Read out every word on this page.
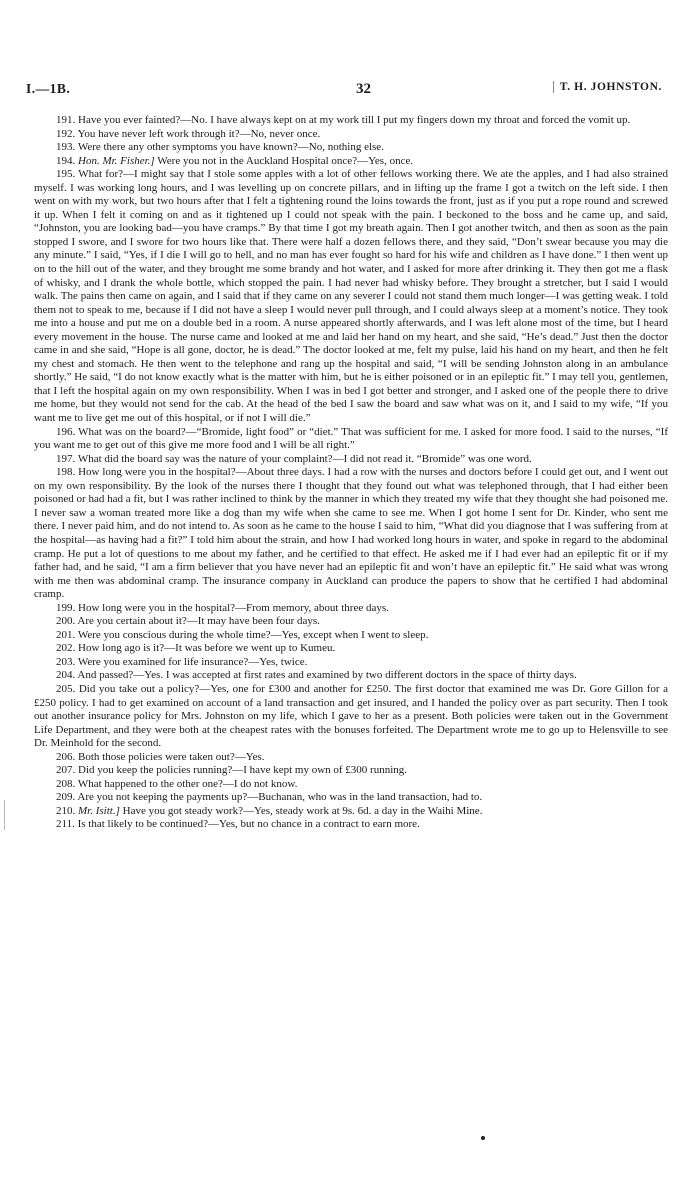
I.—1B.	32	T. H. JOHNSTON.

191. Have you ever fainted?—No. I have always kept on at my work till I put my fingers down my throat and forced the vomit up.

192. You have never left work through it?—No, never once.

193. Were there any other symptoms you have known?—No, nothing else.

194. Hon. Mr. Fisher.] Were you not in the Auckland Hospital once?—Yes, once.

195. What for?—I might say that I stole some apples with a lot of other fellows working there. We ate the apples, and I had also strained myself. I was working long hours, and I was levelling up on concrete pillars, and in lifting up the frame I got a twitch on the left side. I then went on with my work, but two hours after that I felt a tightening round the loins towards the front, just as if you put a rope round and screwed it up. When I felt it coming on and as it tightened up I could not speak with the pain. I beckoned to the boss and he came up, and said, “Johnston, you are looking bad—you have cramps.” By that time I got my breath again. Then I got another twitch, and then as soon as the pain stopped I swore, and I swore for two hours like that. There were half a dozen fellows there, and they said, “Don’t swear because you may die any minute.” I said, “Yes, if I die I will go to hell, and no man has ever fought so hard for his wife and children as I have done.” I then went up on to the hill out of the water, and they brought me some brandy and hot water, and I asked for more after drinking it. They then got me a flask of whisky, and I drank the whole bottle, which stopped the pain. I had never had whisky before. They brought a stretcher, but I said I would walk. The pains then came on again, and I said that if they came on any severer I could not stand them much longer—I was getting weak. I told them not to speak to me, because if I did not have a sleep I would never pull through, and I could always sleep at a moment’s notice. They took me into a house and put me on a double bed in a room. A nurse appeared shortly afterwards, and I was left alone most of the time, but I heard every movement in the house. The nurse came and looked at me and laid her hand on my heart, and she said, “He’s dead.” Just then the doctor came in and she said, “Hope is all gone, doctor, he is dead.” The doctor looked at me, felt my pulse, laid his hand on my heart, and then he felt my chest and stomach. He then went to the telephone and rang up the hospital and said, “I will be sending Johnston along in an ambulance shortly.” He said, “I do not know exactly what is the matter with him, but he is either poisoned or in an epileptic fit.” I may tell you, gentlemen, that I left the hospital again on my own responsibility. When I was in bed I got better and stronger, and I asked one of the people there to drive me home, but they would not send for the cab. At the head of the bed I saw the board and saw what was on it, and I said to my wife, “If you want me to live get me out of this hospital, or if not I will die.”

196. What was on the board?—“Bromide, light food” or “diet.” That was sufficient for me. I asked for more food. I said to the nurses, “If you want me to get out of this give me more food and I will be all right.”

197. What did the board say was the nature of your complaint?—I did not read it. “Bromide” was one word.

198. How long were you in the hospital?—About three days. I had a row with the nurses and doctors before I could get out, and I went out on my own responsibility. By the look of the nurses there I thought that they found out what was telephoned through, that I had either been poisoned or had had a fit, but I was rather inclined to think by the manner in which they treated my wife that they thought she had poisoned me. I never saw a woman treated more like a dog than my wife when she came to see me. When I got home I sent for Dr. Kinder, who sent me there. I never paid him, and do not intend to. As soon as he came to the house I said to him, “What did you diagnose that I was suffering from at the hospital—as having had a fit?” I told him about the strain, and how I had worked long hours in water, and spoke in regard to the abdominal cramp. He put a lot of questions to me about my father, and he certified to that effect. He asked me if I had ever had an epileptic fit or if my father had, and he said, “I am a firm believer that you have never had an epileptic fit and won’t have an epileptic fit.” He said what was wrong with me then was abdominal cramp. The insurance company in Auckland can produce the papers to show that he certified I had abdominal cramp.

199. How long were you in the hospital?—From memory, about three days.

200. Are you certain about it?—It may have been four days.

201. Were you conscious during the whole time?—Yes, except when I went to sleep.

202. How long ago is it?—It was before we went up to Kumeu.

203. Were you examined for life insurance?—Yes, twice.

204. And passed?—Yes. I was accepted at first rates and examined by two different doctors in the space of thirty days.

205. Did you take out a policy?—Yes, one for £300 and another for £250. The first doctor that examined me was Dr. Gore Gillon for a £250 policy. I had to get examined on account of a land transaction and get insured, and I handed the policy over as part security. Then I took out another insurance policy for Mrs. Johnston on my life, which I gave to her as a present. Both policies were taken out in the Government Life Department, and they were both at the cheapest rates with the bonuses forfeited. The Department wrote me to go up to Helensville to see Dr. Meinhold for the second.

206. Both those policies were taken out?—Yes.

207. Did you keep the policies running?—I have kept my own of £300 running.

208. What happened to the other one?—I do not know.

209. Are you not keeping the payments up?—Buchanan, who was in the land transaction, had to.

210. Mr. Isitt.] Have you got steady work?—Yes, steady work at 9s. 6d. a day in the Waihi Mine.

211. Is that likely to be continued?—Yes, but no chance in a contract to earn more.
